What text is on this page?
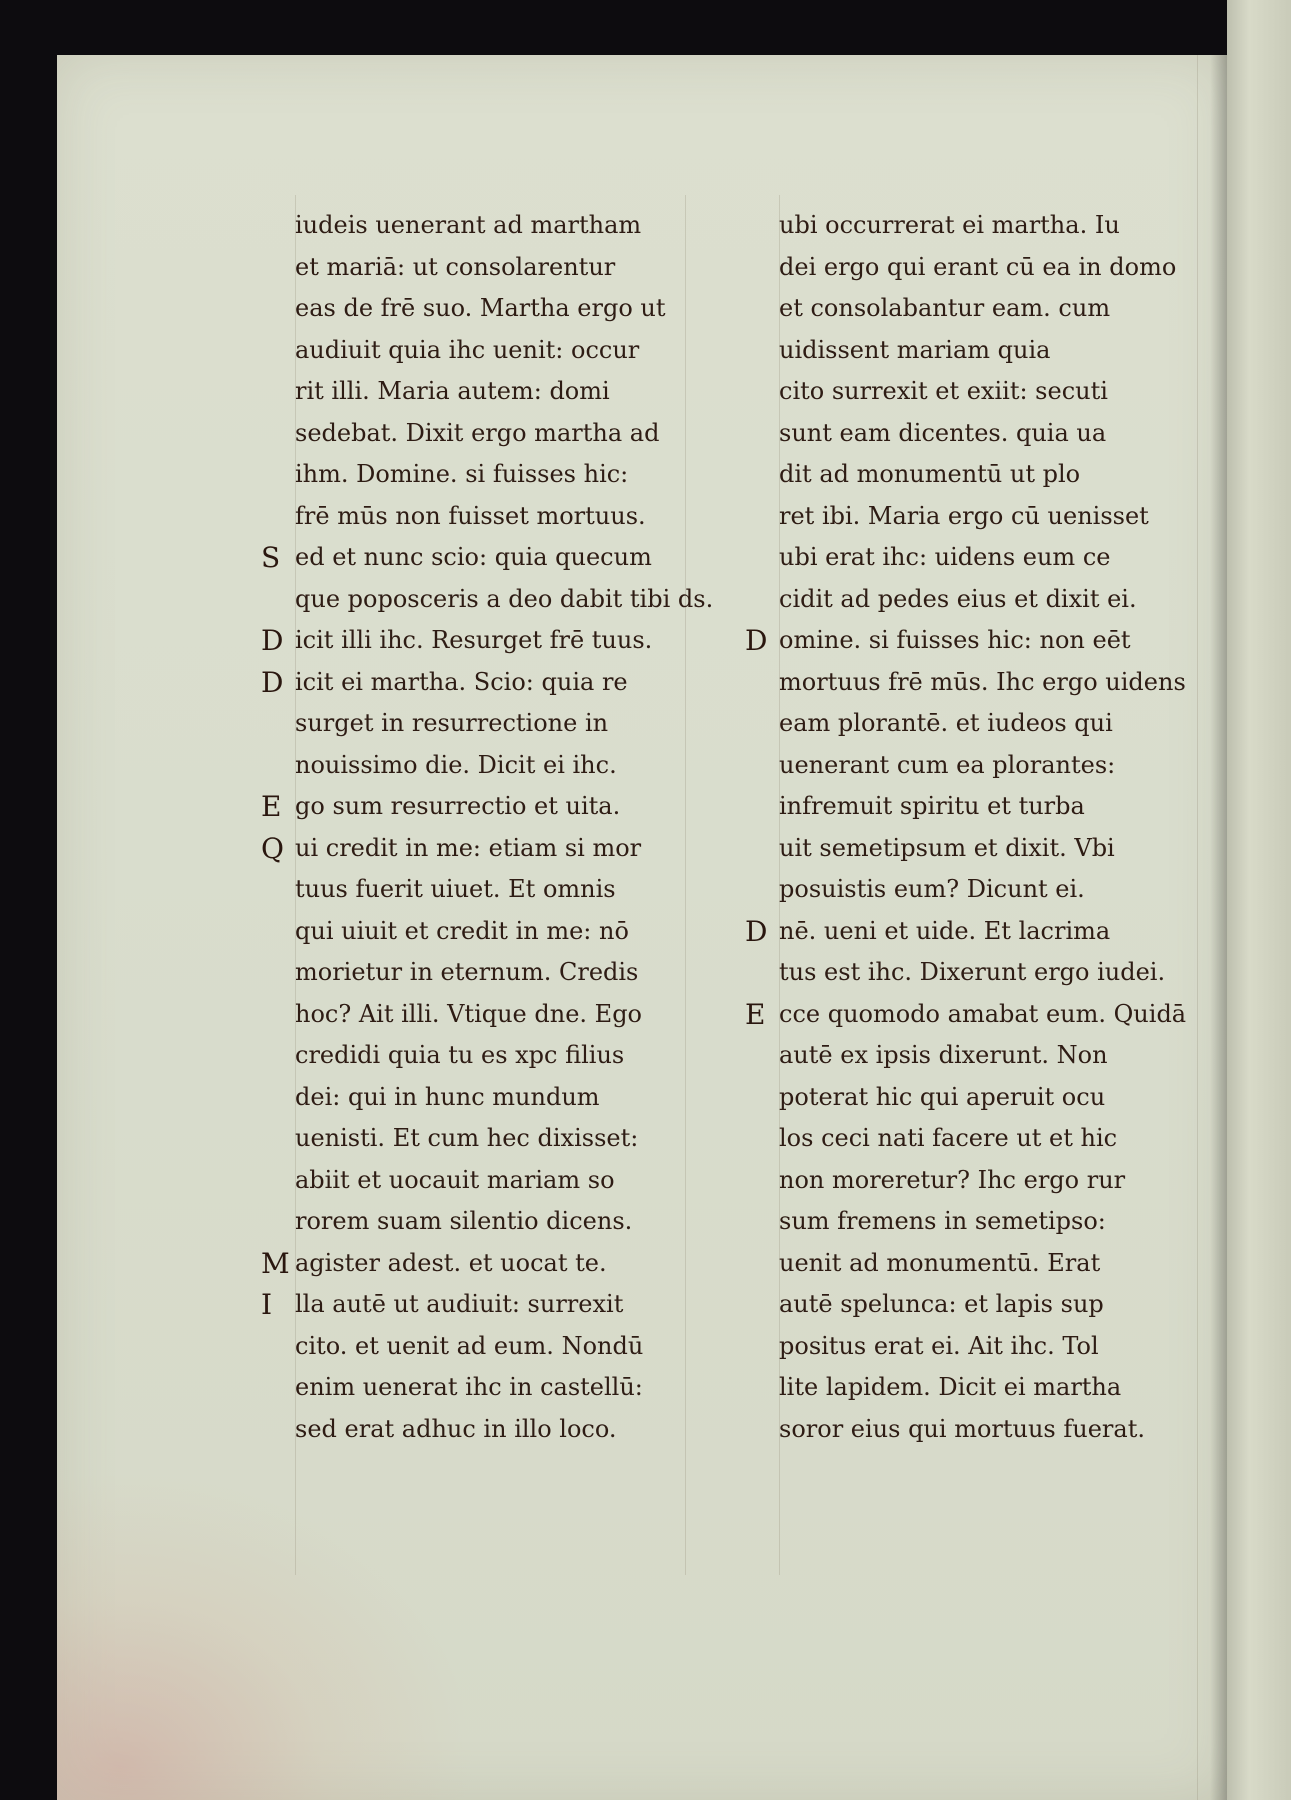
iudeis uenerant ad martham
et mariā: ut consolarentur
eas de frē suo. Martha ergo ut
audiuit quia ihc uenit: occur
rit illi. Maria autem: domi
sedebat. Dixit ergo martha ad
ihm. Domine. si fuisses hic:
frē mūs non fuisset mortuus.
S ed et nunc scio: quia quecum
que poposceris a deo dabit tibi ds.
D icit illi ihc. Resurget frē tuus.
D icit ei martha. Scio: quia re
surget in resurrectione in
nouissimo die. Dicit ei ihc.
E go sum resurrectio et uita.
Q ui credit in me: etiam si mor
tuus fuerit uiuet. Et omnis
qui uiuit et credit in me: nō
morietur in eternum. Credis
hoc? Ait illi. Vtique dne. Ego
credidi quia tu es xpc filius
dei: qui in hunc mundum
uenisti. Et cum hec dixisset:
abiit et uocauit mariam so
rorem suam silentio dicens.
M agister adest. et uocat te.
I lla autē ut audiuit: surrexit
cito. et uenit ad eum. Nondū
enim uenerat ihc in castellū:
sed erat adhuc in illo loco.
ubi occurrerat ei martha. Iu
dei ergo qui erant cū ea in domo
et consolabantur eam. cum
uidissent mariam quia
cito surrexit et exiit: secuti
sunt eam dicentes. quia ua
dit ad monumentū ut plo
ret ibi. Maria ergo cū uenisset
ubi erat ihc: uidens eum ce
cidit ad pedes eius et dixit ei.
D omine. si fuisses hic: non eēt
mortuus frē mūs. Ihc ergo uidens
eam plorantē. et iudeos qui
uenerant cum ea plorantes:
infremuit spiritu et turba
uit semetipsum et dixit. Vbi
posuistis eum? Dicunt ei.
D nē. ueni et uide. Et lacrimа
tus est ihc. Dixerunt ergo iudei.
E cce quomodo amabat eum. Quidā
autē ex ipsis dixerunt. Non
poterat hic qui aperuit ocu
los ceci nati facere ut et hic
non moreretur? Ihc ergo rur
sum fremens in semetipso:
uenit ad monumentū. Erat
autē spelunca: et lapis sup
positus erat ei. Ait ihc. Tol
lite lapidem. Dicit ei martha
soror eius qui mortuus fuerat.
